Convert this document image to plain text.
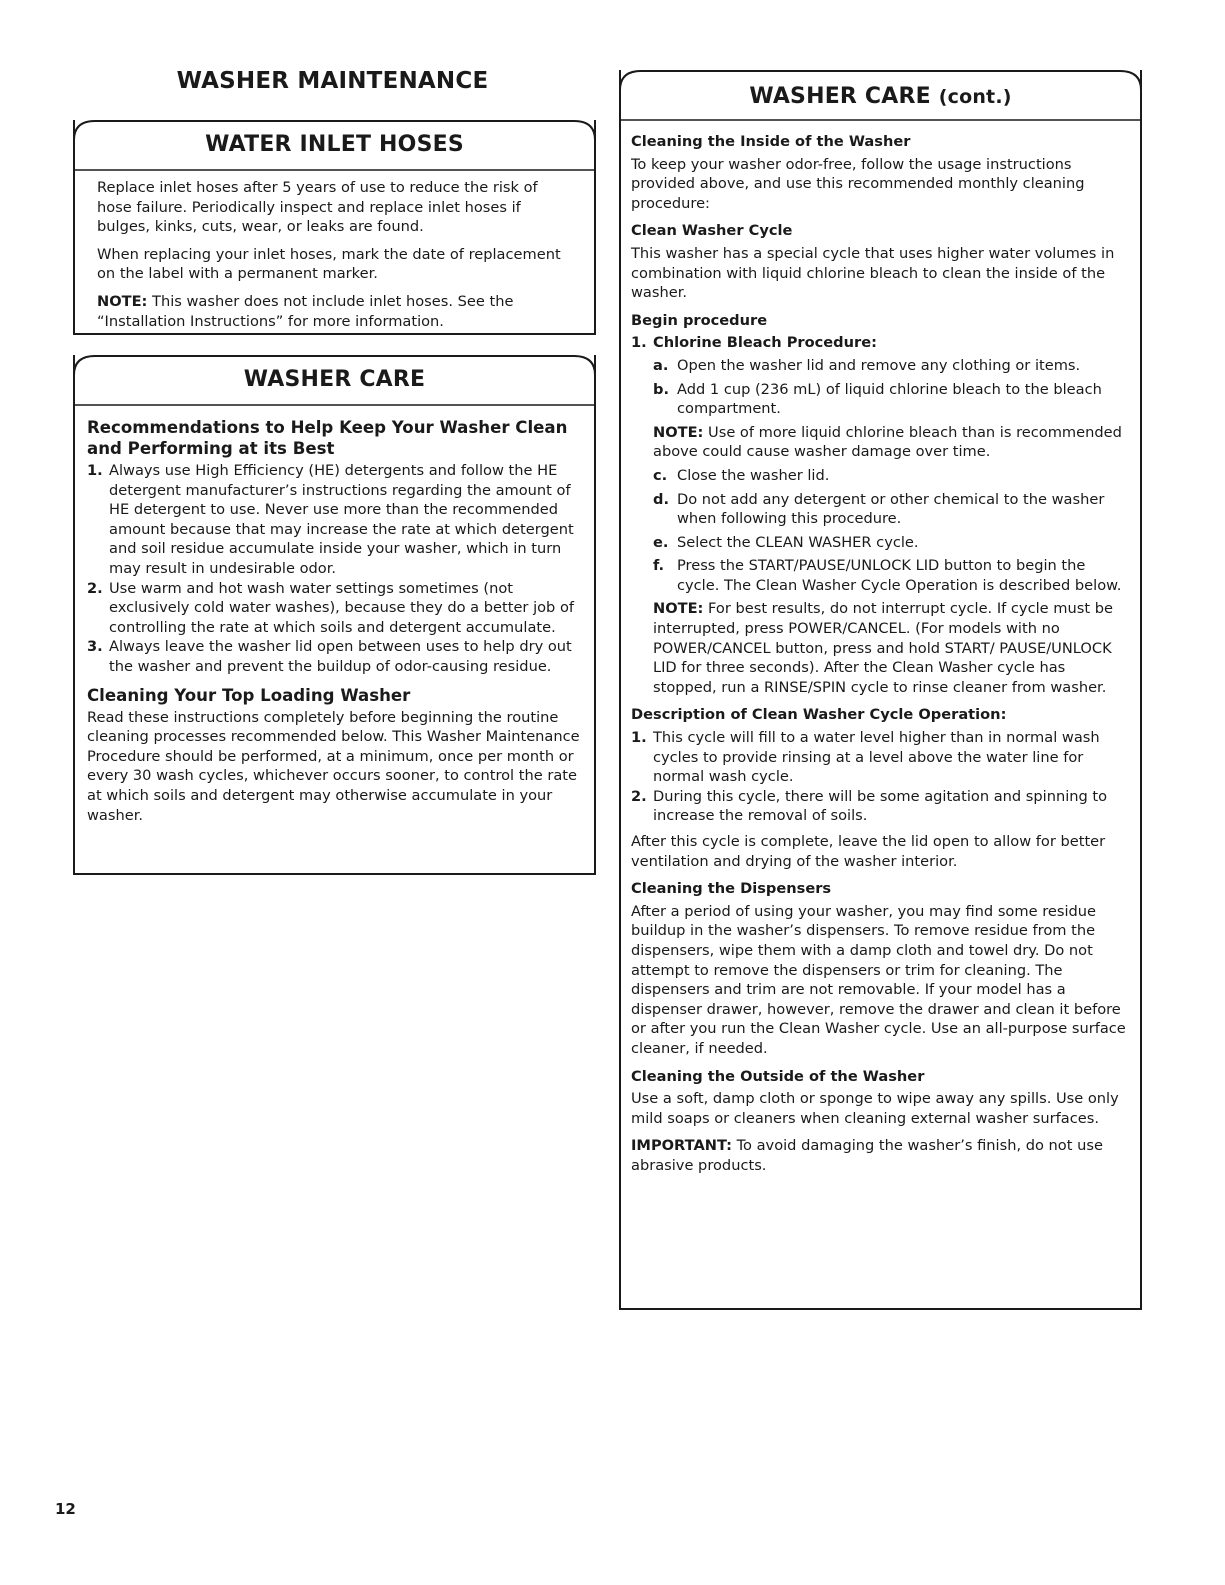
WASHER MAINTENANCE
WATER INLET HOSES

Replace inlet hoses after 5 years of use to reduce the risk of hose failure. Periodically inspect and replace inlet hoses if bulges, kinks, cuts, wear, or leaks are found.

When replacing your inlet hoses, mark the date of replacement on the label with a permanent marker.

NOTE: This washer does not include inlet hoses. See the “Installation Instructions” for more information.

WASHER CARE
Recommendations to Help Keep Your Washer Clean and Performing at its Best
1. Always use High Efficiency (HE) detergents and follow the HE detergent manufacturer’s instructions regarding the amount of HE detergent to use. Never use more than the recommended amount because that may increase the rate at which detergent and soil residue accumulate inside your washer, which in turn may result in undesirable odor.
2. Use warm and hot wash water settings sometimes (not exclusively cold water washes), because they do a better job of controlling the rate at which soils and detergent accumulate.
3. Always leave the washer lid open between uses to help dry out the washer and prevent the buildup of odor-causing residue.
Cleaning Your Top Loading Washer

Read these instructions completely before beginning the routine cleaning processes recommended below. This Washer Maintenance Procedure should be performed, at a minimum, once per month or every 30 wash cycles, whichever occurs sooner, to control the rate at which soils and detergent may otherwise accumulate in your washer.

WASHER CARE (cont.)
Cleaning the Inside of the Washer

To keep your washer odor-free, follow the usage instructions provided above, and use this recommended monthly cleaning procedure:

Clean Washer Cycle

This washer has a special cycle that uses higher water volumes in combination with liquid chlorine bleach to clean the inside of the washer.

Begin procedure
1. Chlorine Bleach Procedure:
a. Open the washer lid and remove any clothing or items.
b. Add 1 cup (236 mL) of liquid chlorine bleach to the bleach compartment.
NOTE: Use of more liquid chlorine bleach than is recommended above could cause washer damage over time.
c. Close the washer lid.
d. Do not add any detergent or other chemical to the washer when following this procedure.
e. Select the CLEAN WASHER cycle.
f. Press the START/PAUSE/UNLOCK LID button to begin the cycle. The Clean Washer Cycle Operation is described below.
NOTE: For best results, do not interrupt cycle. If cycle must be interrupted, press POWER/CANCEL. (For models with no POWER/CANCEL button, press and hold START/ PAUSE/UNLOCK LID for three seconds). After the Clean Washer cycle has stopped, run a RINSE/SPIN cycle to rinse cleaner from washer.
Description of Clean Washer Cycle Operation:
1. This cycle will fill to a water level higher than in normal wash cycles to provide rinsing at a level above the water line for normal wash cycle.
2. During this cycle, there will be some agitation and spinning to increase the removal of soils.

After this cycle is complete, leave the lid open to allow for better ventilation and drying of the washer interior.

Cleaning the Dispensers

After a period of using your washer, you may find some residue buildup in the washer’s dispensers. To remove residue from the dispensers, wipe them with a damp cloth and towel dry. Do not attempt to remove the dispensers or trim for cleaning. The dispensers and trim are not removable. If your model has a dispenser drawer, however, remove the drawer and clean it before or after you run the Clean Washer cycle. Use an all-purpose surface cleaner, if needed.

Cleaning the Outside of the Washer

Use a soft, damp cloth or sponge to wipe away any spills. Use only mild soaps or cleaners when cleaning external washer surfaces.

IMPORTANT: To avoid damaging the washer’s finish, do not use abrasive products.

12
